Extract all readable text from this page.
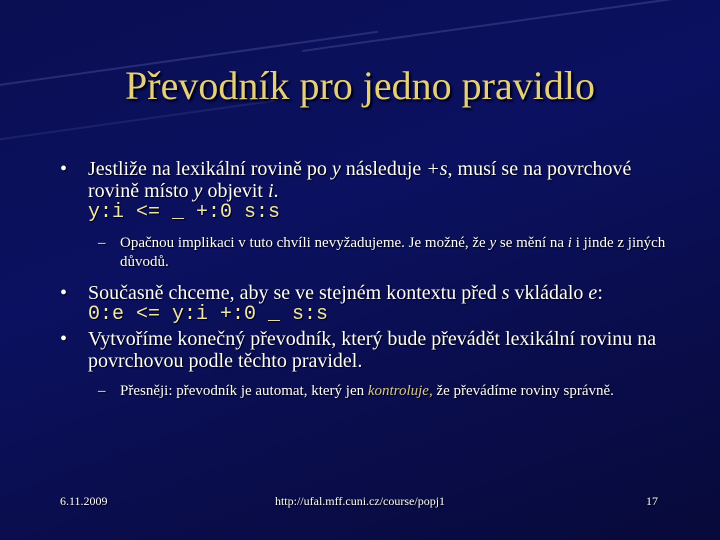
Převodník pro jedno pravidlo
• Jestliže na lexikální rovině po y následuje +s, musí se na povrchové rovině místo y objevit i.
y:i <= _ +:0 s:s
– Opačnou implikaci v tuto chvíli nevyžadujeme. Je možné, že y se mění na i i jinde z jiných důvodů.
• Současně chceme, aby se ve stejném kontextu před s vkládalo e:
0:e <= y:i +:0 _ s:s
• Vytvoříme konečný převodník, který bude převádět lexikální rovinu na povrchovou podle těchto pravidel.
– Přesněji: převodník je automat, který jen kontroluje, že převádíme roviny správně.
6.11.2009	http://ufal.mff.cuni.cz/course/popj1	17
